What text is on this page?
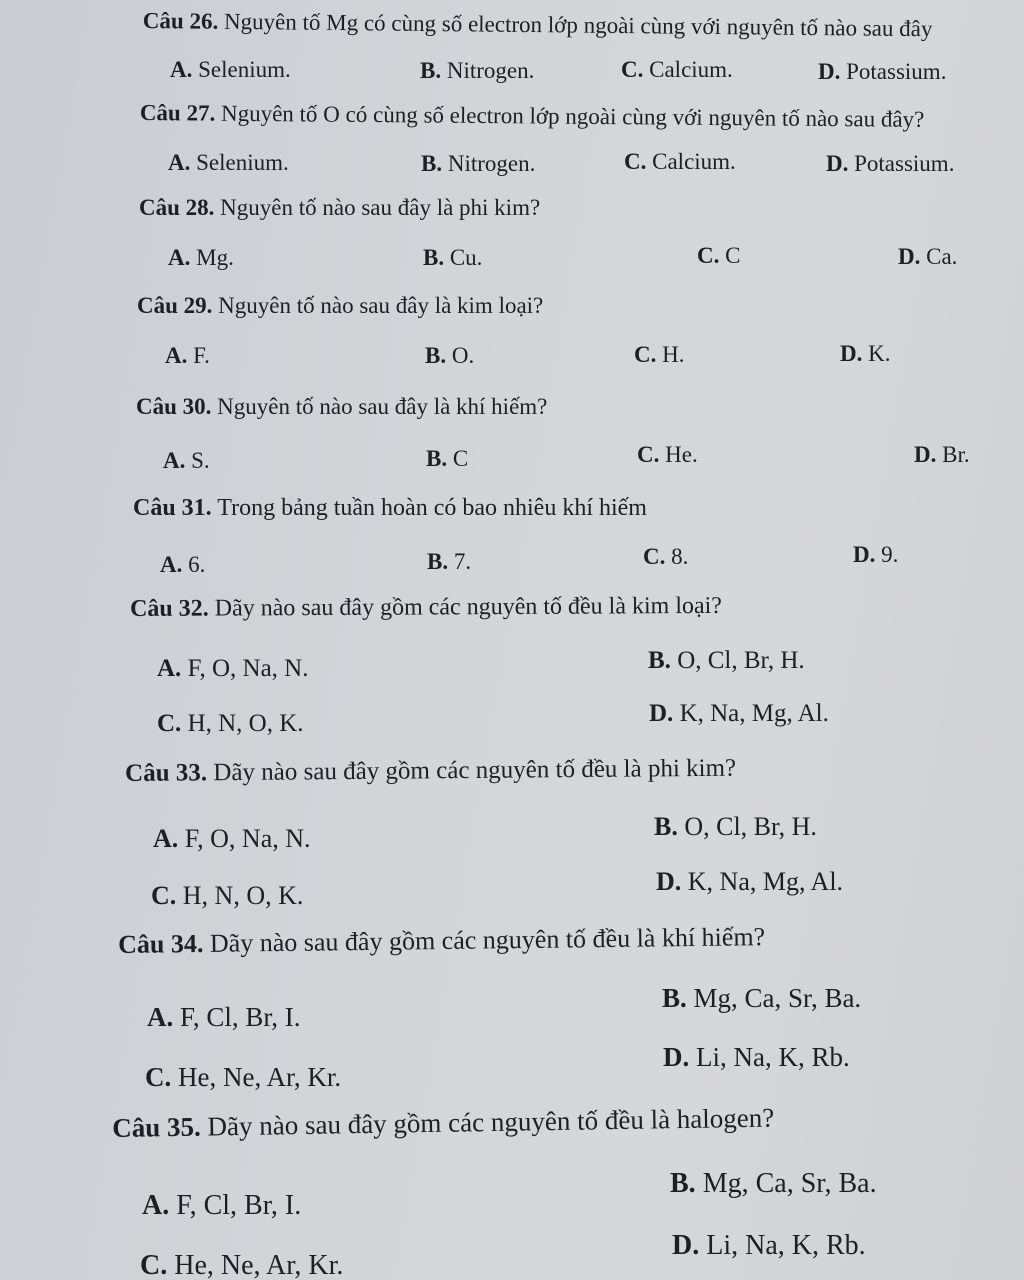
Câu 26. Nguyên tố Mg có cùng số electron lớp ngoài cùng với nguyên tố nào sau đây
A. Selenium.	B. Nitrogen.	C. Calcium.	D. Potassium.
Câu 27. Nguyên tố O có cùng số electron lớp ngoài cùng với nguyên tố nào sau đây?
A. Selenium.	B. Nitrogen.	C. Calcium.	D. Potassium.
Câu 28. Nguyên tố nào sau đây là phi kim?
A. Mg.	B. Cu.	C. C	D. Ca.
Câu 29. Nguyên tố nào sau đây là kim loại?
A. F.	B. O.	C. H.	D. K.
Câu 30. Nguyên tố nào sau đây là khí hiếm?
A. S.	B. C	C. He.	D. Br.
Câu 31. Trong bảng tuần hoàn có bao nhiêu khí hiếm
A. 6.	B. 7.	C. 8.	D. 9.
Câu 32. Dãy nào sau đây gồm các nguyên tố đều là kim loại?
A. F, O, Na, N.	B. O, Cl, Br, H.
C. H, N, O, K.	D. K, Na, Mg, Al.
Câu 33. Dãy nào sau đây gồm các nguyên tố đều là phi kim?
A. F, O, Na, N.	B. O, Cl, Br, H.
C. H, N, O, K.	D. K, Na, Mg, Al.
Câu 34. Dãy nào sau đây gồm các nguyên tố đều là khí hiếm?
A. F, Cl, Br, I.
B. Mg, Ca, Sr, Ba.
C. He, Ne, Ar, Kr.
D. Li, Na, K, Rb.
Câu 35. Dãy nào sau đây gồm các nguyên tố đều là halogen?
A. F, Cl, Br, I.
B. Mg, Ca, Sr, Ba.
C. He, Ne, Ar, Kr.
D. Li, Na, K, Rb.
